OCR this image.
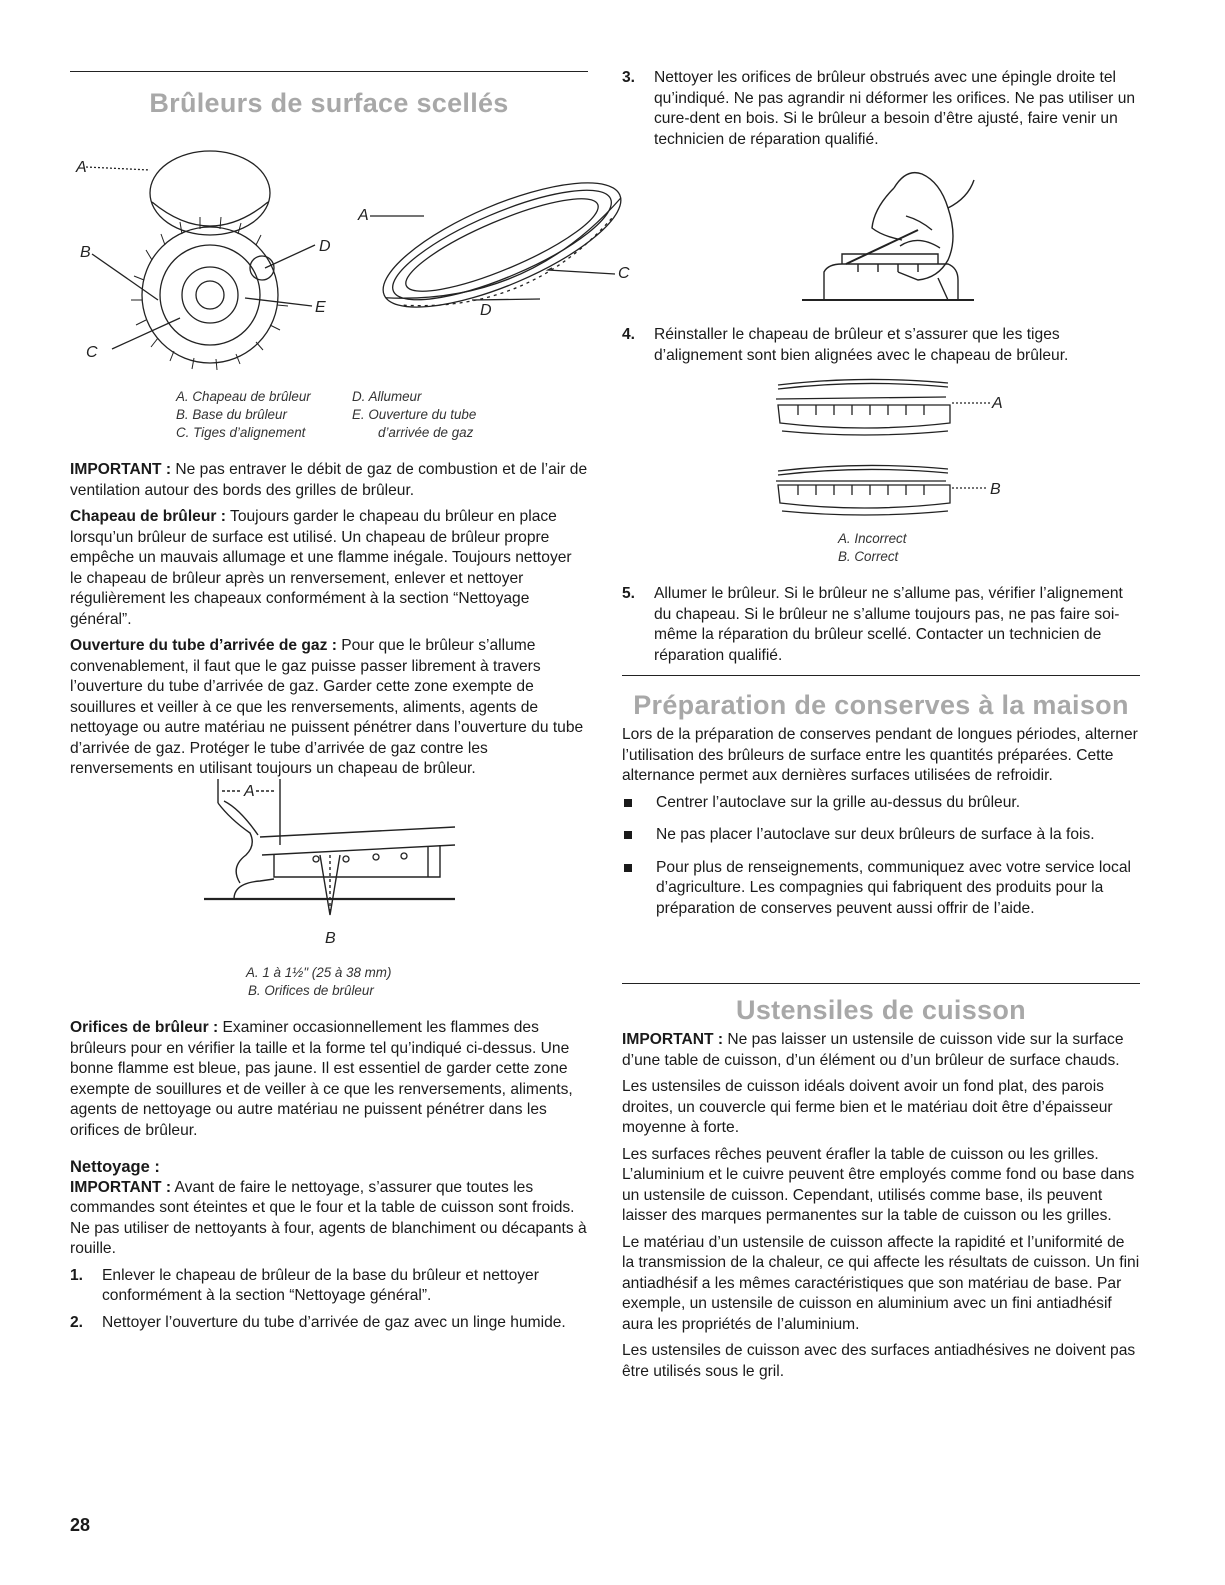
Brûleurs de surface scellés
A
B
C
D
E
A
C
D
A. Chapeau de brûleur
B. Base du brûleur
C. Tiges d’alignement
D. Allumeur
E. Ouverture du tube
d’arrivée de gaz

IMPORTANT : Ne pas entraver le débit de gaz de combustion et de l’air de ventilation autour des bords des grilles de brûleur.

Chapeau de brûleur : Toujours garder le chapeau du brûleur en place lorsqu’un brûleur de surface est utilisé. Un chapeau de brûleur propre empêche un mauvais allumage et une flamme inégale. Toujours nettoyer le chapeau de brûleur après un renversement, enlever et nettoyer régulièrement les chapeaux conformément à la section “Nettoyage général”.

Ouverture du tube d’arrivée de gaz : Pour que le brûleur s’allume convenablement, il faut que le gaz puisse passer librement à travers l’ouverture du tube d’arrivée de gaz. Garder cette zone exempte de souillures et veiller à ce que les renversements, aliments, agents de nettoyage ou autre matériau ne puissent pénétrer dans l’ouverture du tube d’arrivée de gaz. Protéger le tube d’arrivée de gaz contre les renversements en utilisant toujours un chapeau de brûleur.

A
B
A. 1 à 1½" (25 à 38 mm)
B. Orifices de brûleur

Orifices de brûleur : Examiner occasionnellement les flammes des brûleurs pour en vérifier la taille et la forme tel qu’indiqué ci-dessus. Une bonne flamme est bleue, pas jaune. Il est essentiel de garder cette zone exempte de souillures et de veiller à ce que les renversements, aliments, agents de nettoyage ou autre matériau ne puissent pénétrer dans les orifices de brûleur.

Nettoyage :

IMPORTANT : Avant de faire le nettoyage, s’assurer que toutes les commandes sont éteintes et que le four et la table de cuisson sont froids. Ne pas utiliser de nettoyants à four, agents de blanchiment ou décapants à rouille.

1. Enlever le chapeau de brûleur de la base du brûleur et nettoyer conformément à la section “Nettoyage général”.
2. Nettoyer l’ouverture du tube d’arrivée de gaz avec un linge humide.
28
3. Nettoyer les orifices de brûleur obstrués avec une épingle droite tel qu’indiqué. Ne pas agrandir ni déformer les orifices. Ne pas utiliser un cure-dent en bois. Si le brûleur a besoin d’être ajusté, faire venir un technicien de réparation qualifié.
4. Réinstaller le chapeau de brûleur et s’assurer que les tiges d’alignement sont bien alignées avec le chapeau de brûleur.
A
B
A. Incorrect
B. Correct
5. Allumer le brûleur. Si le brûleur ne s’allume pas, vérifier l’alignement du chapeau. Si le brûleur ne s’allume toujours pas, ne pas faire soi-même la réparation du brûleur scellé. Contacter un technicien de réparation qualifié.
Préparation de conserves à la maison

Lors de la préparation de conserves pendant de longues périodes, alterner l’utilisation des brûleurs de surface entre les quantités préparées. Cette alternance permet aux dernières surfaces utilisées de refroidir.

Centrer l’autoclave sur la grille au-dessus du brûleur.
Ne pas placer l’autoclave sur deux brûleurs de surface à la fois.
Pour plus de renseignements, communiquez avec votre service local d’agriculture. Les compagnies qui fabriquent des produits pour la préparation de conserves peuvent aussi offrir de l’aide.
Ustensiles de cuisson

IMPORTANT : Ne pas laisser un ustensile de cuisson vide sur la surface d’une table de cuisson, d’un élément ou d’un brûleur de surface chauds.

Les ustensiles de cuisson idéals doivent avoir un fond plat, des parois droites, un couvercle qui ferme bien et le matériau doit être d’épaisseur moyenne à forte.

Les surfaces rêches peuvent érafler la table de cuisson ou les grilles. L’aluminium et le cuivre peuvent être employés comme fond ou base dans un ustensile de cuisson. Cependant, utilisés comme base, ils peuvent laisser des marques permanentes sur la table de cuisson ou les grilles.

Le matériau d’un ustensile de cuisson affecte la rapidité et l’uniformité de la transmission de la chaleur, ce qui affecte les résultats de cuisson. Un fini antiadhésif a les mêmes caractéristiques que son matériau de base. Par exemple, un ustensile de cuisson en aluminium avec un fini antiadhésif aura les propriétés de l’aluminium.

Les ustensiles de cuisson avec des surfaces antiadhésives ne doivent pas être utilisés sous le gril.
